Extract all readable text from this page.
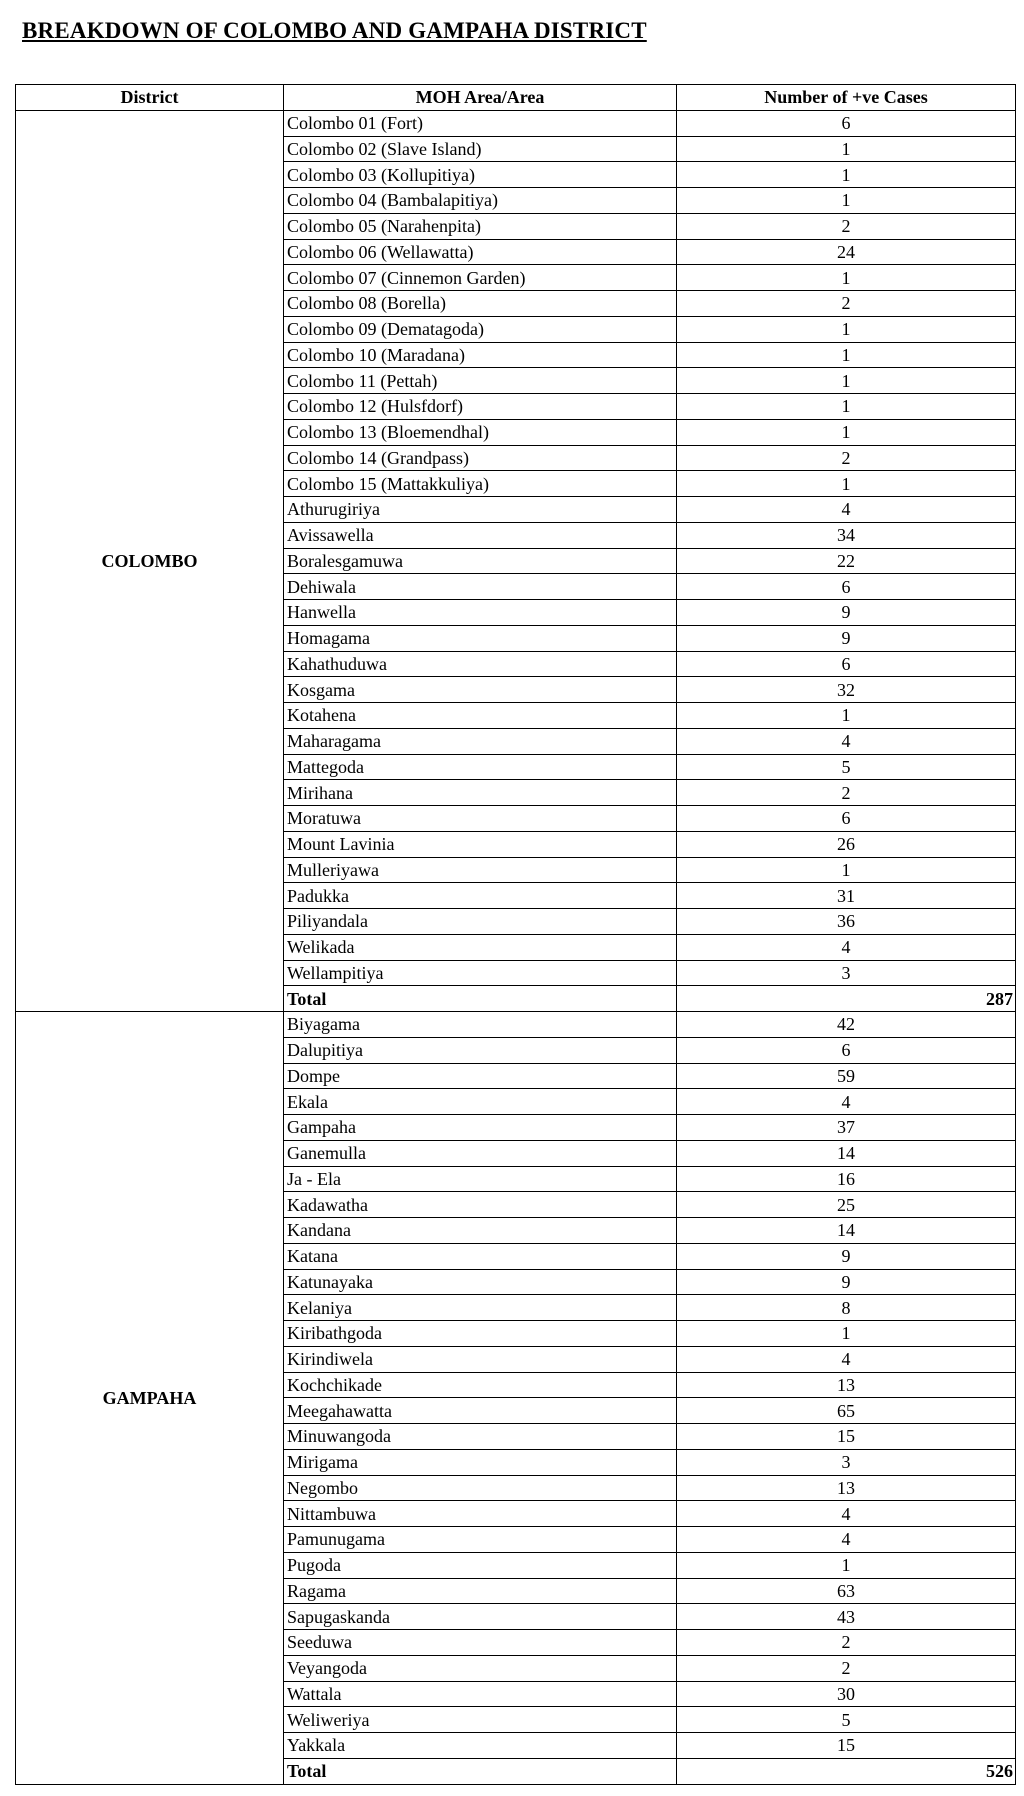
BREAKDOWN OF COLOMBO AND GAMPAHA DISTRICT
District	MOH Area/Area	Number of +ve Cases
COLOMBO	Colombo 01 (Fort)	6
	Colombo 02 (Slave Island)	1
	Colombo 03 (Kollupitiya)	1
	Colombo 04 (Bambalapitiya)	1
	Colombo 05 (Narahenpita)	2
	Colombo 06 (Wellawatta)	24
	Colombo 07 (Cinnemon Garden)	1
	Colombo 08 (Borella)	2
	Colombo 09 (Dematagoda)	1
	Colombo 10 (Maradana)	1
	Colombo 11 (Pettah)	1
	Colombo 12 (Hulsfdorf)	1
	Colombo 13 (Bloemendhal)	1
	Colombo 14 (Grandpass)	2
	Colombo 15 (Mattakkuliya)	1
	Athurugiriya	4
	Avissawella	34
	Boralesgamuwa	22
	Dehiwala	6
	Hanwella	9
	Homagama	9
	Kahathuduwa	6
	Kosgama	32
	Kotahena	1
	Maharagama	4
	Mattegoda	5
	Mirihana	2
	Moratuwa	6
	Mount Lavinia	26
	Mulleriyawa	1
	Padukka	31
	Piliyandala	36
	Welikada	4
	Wellampitiya	3
	Total	287
GAMPAHA	Biyagama	42
	Dalupitiya	6
	Dompe	59
	Ekala	4
	Gampaha	37
	Ganemulla	14
	Ja - Ela	16
	Kadawatha	25
	Kandana	14
	Katana	9
	Katunayaka	9
	Kelaniya	8
	Kiribathgoda	1
	Kirindiwela	4
	Kochchikade	13
	Meegahawatta	65
	Minuwangoda	15
	Mirigama	3
	Negombo	13
	Nittambuwa	4
	Pamunugama	4
	Pugoda	1
	Ragama	63
	Sapugaskanda	43
	Seeduwa	2
	Veyangoda	2
	Wattala	30
	Weliweriya	5
	Yakkala	15
	Total	526
